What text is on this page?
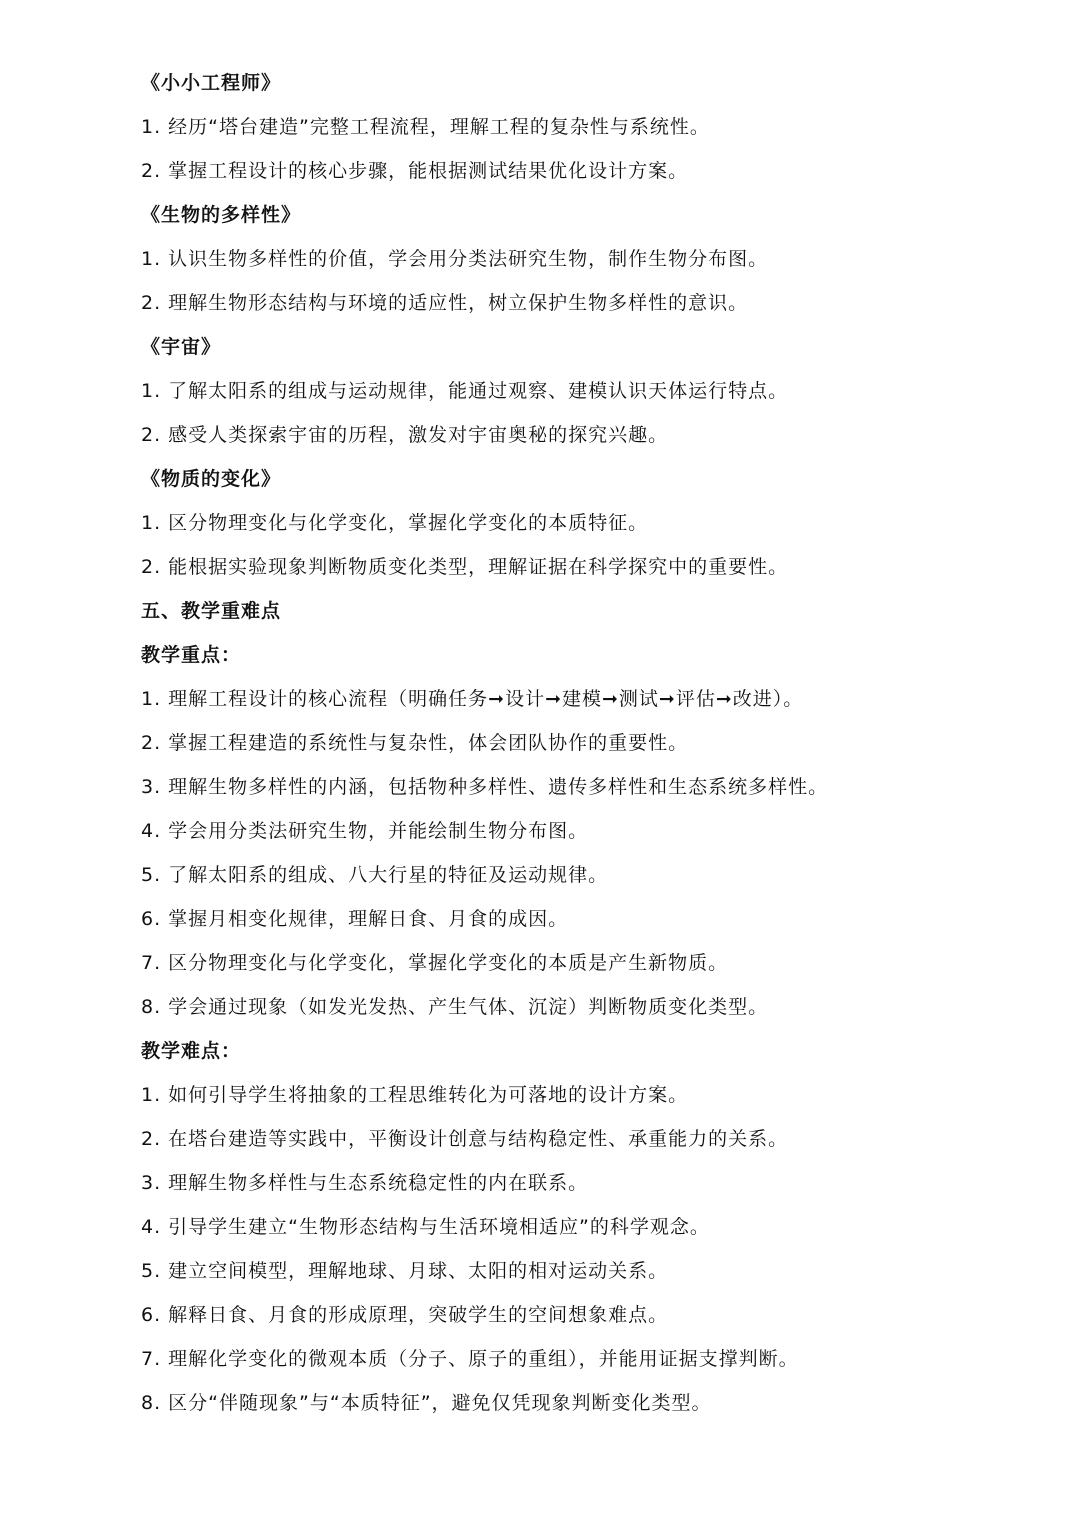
《小小工程师》
1. 经历“塔台建造”完整工程流程，理解工程的复杂性与系统性。
2. 掌握工程设计的核心步骤，能根据测试结果优化设计方案。
《生物的多样性》
1. 认识生物多样性的价值，学会用分类法研究生物，制作生物分布图。
2. 理解生物形态结构与环境的适应性，树立保护生物多样性的意识。
《宇宙》
1. 了解太阳系的组成与运动规律，能通过观察、建模认识天体运行特点。
2. 感受人类探索宇宙的历程，激发对宇宙奥秘的探究兴趣。
《物质的变化》
1. 区分物理变化与化学变化，掌握化学变化的本质特征。
2. 能根据实验现象判断物质变化类型，理解证据在科学探究中的重要性。
五、教学重难点
教学重点：
1. 理解工程设计的核心流程（明确任务➞设计➞建模➞测试➞评估➞改进）。
2. 掌握工程建造的系统性与复杂性，体会团队协作的重要性。
3. 理解生物多样性的内涵，包括物种多样性、遗传多样性和生态系统多样性。
4. 学会用分类法研究生物，并能绘制生物分布图。
5. 了解太阳系的组成、八大行星的特征及运动规律。
6. 掌握月相变化规律，理解日食、月食的成因。
7. 区分物理变化与化学变化，掌握化学变化的本质是产生新物质。
8. 学会通过现象（如发光发热、产生气体、沉淀）判断物质变化类型。
教学难点：
1. 如何引导学生将抽象的工程思维转化为可落地的设计方案。
2. 在塔台建造等实践中，平衡设计创意与结构稳定性、承重能力的关系。
3. 理解生物多样性与生态系统稳定性的内在联系。
4. 引导学生建立“生物形态结构与生活环境相适应”的科学观念。
5. 建立空间模型，理解地球、月球、太阳的相对运动关系。
6. 解释日食、月食的形成原理，突破学生的空间想象难点。
7. 理解化学变化的微观本质（分子、原子的重组），并能用证据支撑判断。
8. 区分“伴随现象”与“本质特征”，避免仅凭现象判断变化类型。
